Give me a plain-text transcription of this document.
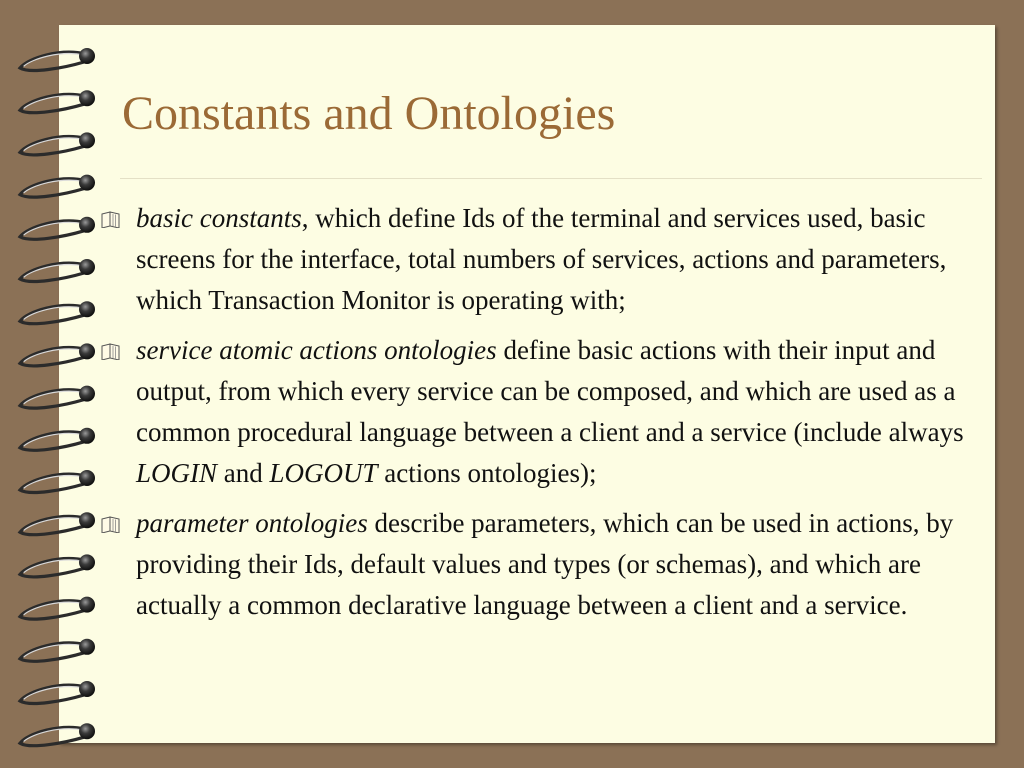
Constants and Ontologies
basic constants, which define Ids of the terminal and services used, basic screens for the interface, total numbers of services, actions and parameters, which Transaction Monitor is operating with;
service atomic actions ontologies define basic actions with their input and output, from which every service can be composed, and which are used as a common procedural language between a client and a service (include always LOGIN and LOGOUT actions ontologies);
parameter ontologies describe parameters, which can be used in actions, by providing their Ids, default values and types (or schemas), and which are actually a common declarative language between a client and a service.
